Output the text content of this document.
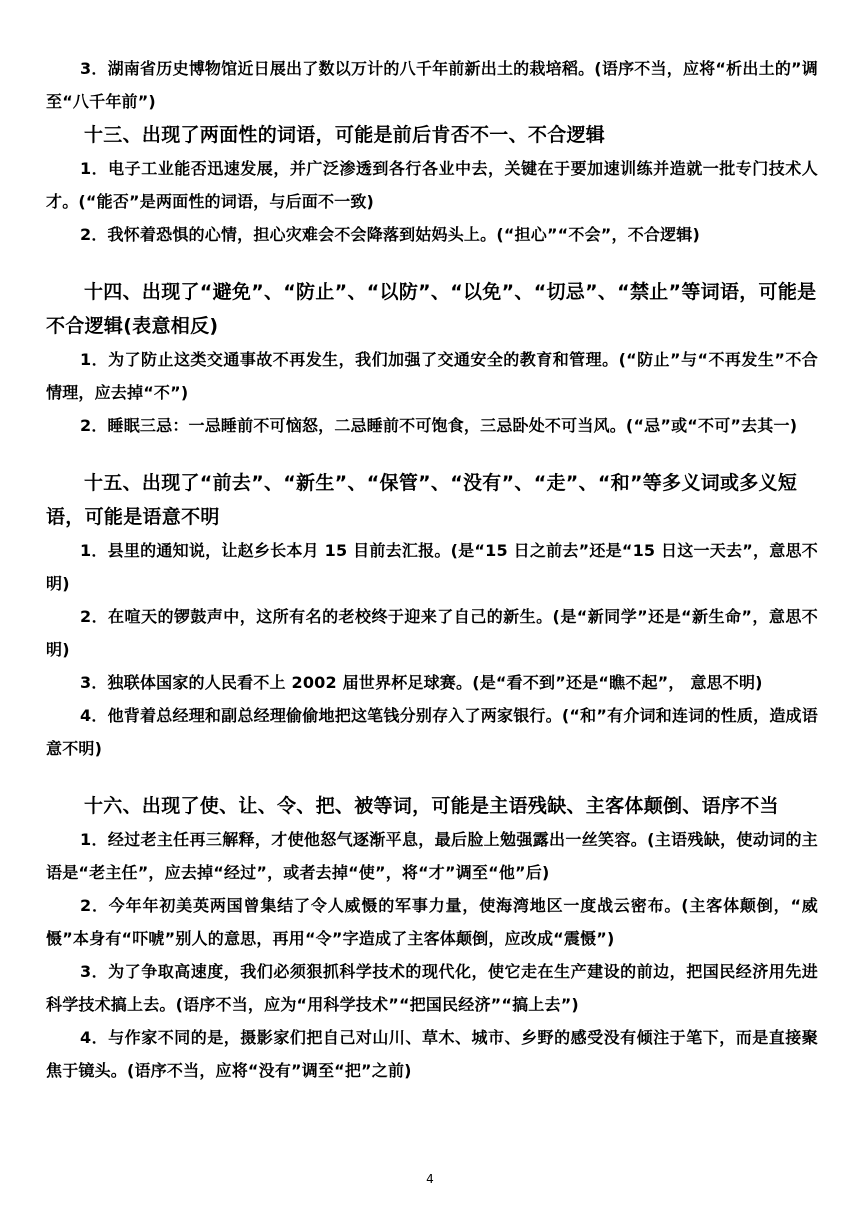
3．湖南省历史博物馆近日展出了数以万计的八千年前新出土的栽培稻。(语序不当，应将“析出土的”调至“八千年前”)

十三、出现了两面性的词语，可能是前后肯否不一、不合逻辑

1．电子工业能否迅速发展，并广泛渗透到各行各业中去，关键在于要加速训练并造就一批专门技术人才。(“能否”是两面性的词语，与后面不一致)

2．我怀着恐惧的心情，担心灾难会不会降落到姑妈头上。(“担心”“不会”，不合逻辑)

十四、出现了“避免”、“防止”、“以防”、“以免”、“切忌”、“禁止”等词语，可能是不合逻辑(表意相反)

1．为了防止这类交通事故不再发生，我们加强了交通安全的教育和管理。(“防止”与“不再发生”不合情理，应去掉“不”)

2．睡眠三忌：一忌睡前不可恼怒，二忌睡前不可饱食，三忌卧处不可当风。(“忌”或“不可”去其一)

十五、出现了“前去”、“新生”、“保管”、“没有”、“走”、“和”等多义词或多义短语，可能是语意不明

1．县里的通知说，让赵乡长本月 15 目前去汇报。(是“15 日之前去”还是“15 日这一天去”，意思不明)

2．在喧天的锣鼓声中，这所有名的老校终于迎来了自己的新生。(是“新同学”还是“新生命”，意思不明)

3．独联体国家的人民看不上 2002 届世界杯足球赛。(是“看不到”还是“瞧不起”， 意思不明)

4．他背着总经理和副总经理偷偷地把这笔钱分别存入了两家银行。(“和”有介词和连词的性质，造成语意不明)

十六、出现了使、让、令、把、被等词，可能是主语残缺、主客体颠倒、语序不当

1．经过老主任再三解释，才使他怒气逐渐平息，最后脸上勉强露出一丝笑容。(主语残缺，使动词的主语是“老主任”，应去掉“经过”，或者去掉“使”，将“才”调至“他”后)

2．今年年初美英两国曾集结了令人威慑的军事力量，使海湾地区一度战云密布。(主客体颠倒，“威慑”本身有“吓唬”别人的意思，再用“令”字造成了主客体颠倒，应改成“震慑”)

3．为了争取高速度，我们必须狠抓科学技术的现代化，使它走在生产建设的前边，把国民经济用先进科学技术搞上去。(语序不当，应为“用科学技术”“把国民经济”“搞上去”)

4．与作家不同的是，摄影家们把自己对山川、草木、城市、乡野的感受没有倾注于笔下，而是直接聚焦于镜头。(语序不当，应将“没有”调至“把”之前)

4
